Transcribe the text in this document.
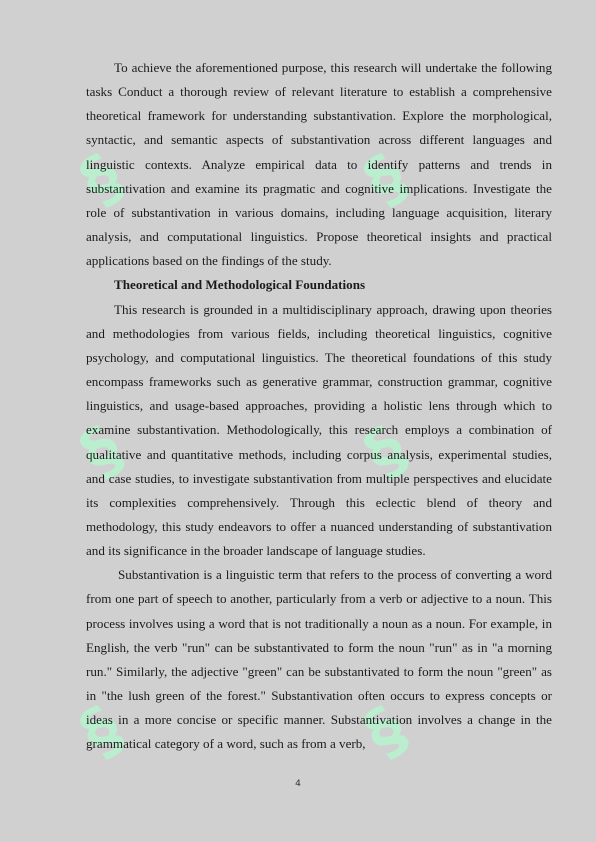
§	§
§	§
§	§

To achieve the aforementioned purpose, this research will undertake the following tasks Conduct a thorough review of relevant literature to establish a comprehensive theoretical framework for understanding substantivation. Explore the morphological, syntactic, and semantic aspects of substantivation across different languages and linguistic contexts. Analyze empirical data to identify patterns and trends in substantivation and examine its pragmatic and cognitive implications. Investigate the role of substantivation in various domains, including language acquisition, literary analysis, and computational linguistics. Propose theoretical insights and practical applications based on the findings of the study.

Theoretical and Methodological Foundations

This research is grounded in a multidisciplinary approach, drawing upon theories and methodologies from various fields, including theoretical linguistics, cognitive psychology, and computational linguistics. The theoretical foundations of this study encompass frameworks such as generative grammar, construction grammar, cognitive linguistics, and usage-based approaches, providing a holistic lens through which to examine substantivation. Methodologically, this research employs a combination of qualitative and quantitative methods, including corpus analysis, experimental studies, and case studies, to investigate substantivation from multiple perspectives and elucidate its complexities comprehensively. Through this eclectic blend of theory and methodology, this study endeavors to offer a nuanced understanding of substantivation and its significance in the broader landscape of language studies.

Substantivation is a linguistic term that refers to the process of converting a word from one part of speech to another, particularly from a verb or adjective to a noun. This process involves using a word that is not traditionally a noun as a noun. For example, in English, the verb "run" can be substantivated to form the noun "run" as in "a morning run." Similarly, the adjective "green" can be substantivated to form the noun "green" as in "the lush green of the forest." Substantivation often occurs to express concepts or ideas in a more concise or specific manner. Substantivation involves a change in the grammatical category of a word, such as from a verb,

4
